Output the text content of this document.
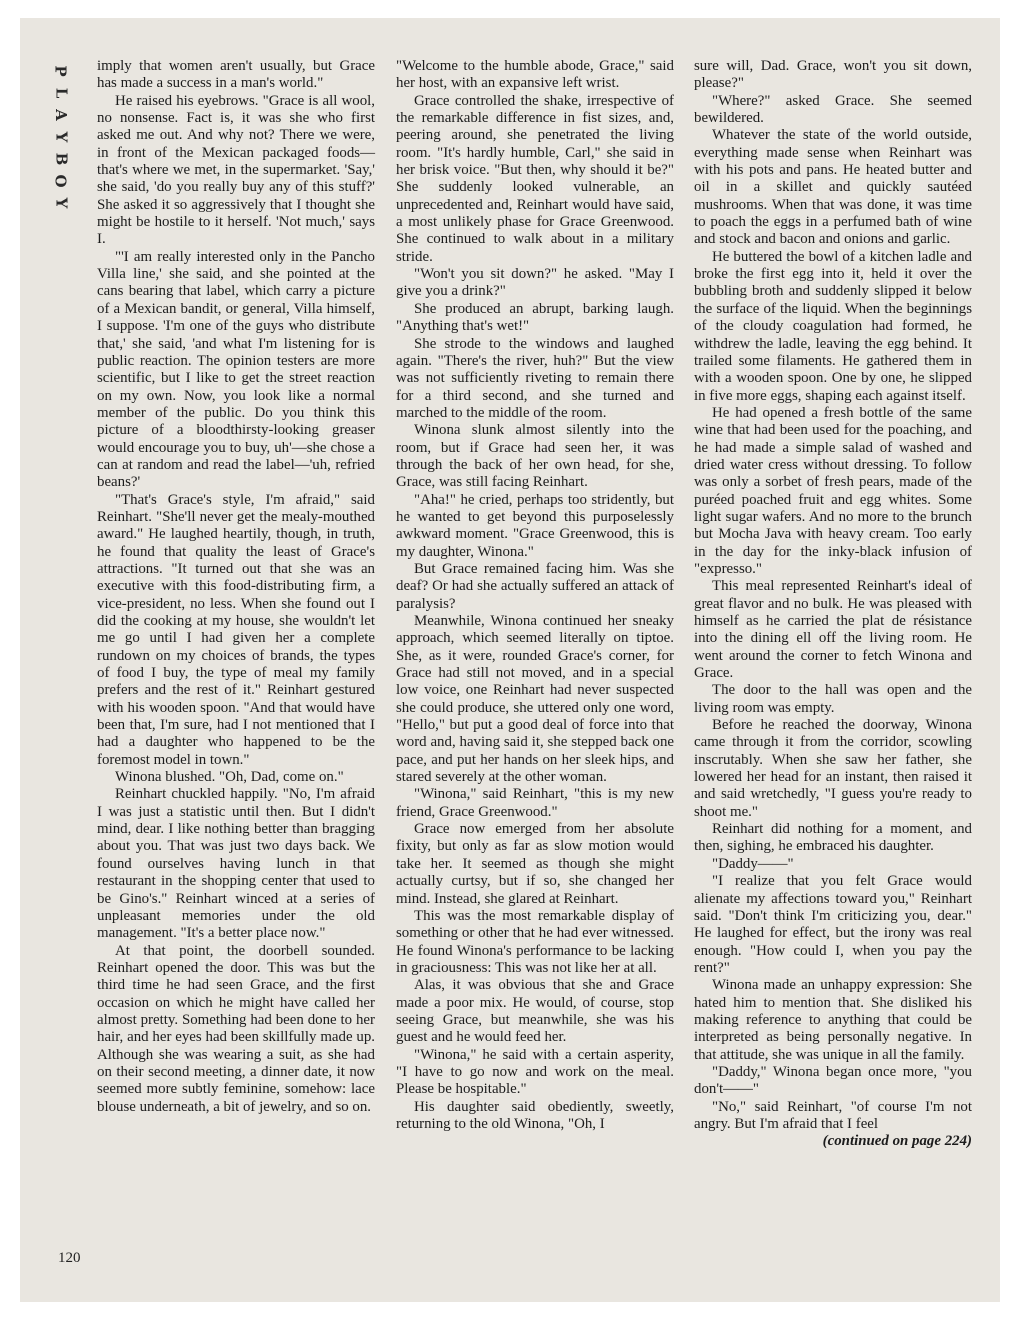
P
L
A
Y
B
O
Y
120

imply that women aren't usually, but Grace has made a success in a man's world."

He raised his eyebrows. "Grace is all wool, no nonsense. Fact is, it was she who first asked me out. And why not? There we were, in front of the Mexican packaged foods—that's where we met, in the supermarket. 'Say,' she said, 'do you really buy any of this stuff?' She asked it so aggressively that I thought she might be hostile to it herself. 'Not much,' says I.

"'I am really interested only in the Pancho Villa line,' she said, and she pointed at the cans bearing that label, which carry a picture of a Mexican bandit, or general, Villa himself, I suppose. 'I'm one of the guys who distribute that,' she said, 'and what I'm listening for is public reaction. The opinion testers are more scientific, but I like to get the street reaction on my own. Now, you look like a normal member of the public. Do you think this picture of a bloodthirsty-looking greaser would encourage you to buy, uh'—she chose a can at random and read the label—'uh, refried beans?'

"That's Grace's style, I'm afraid," said Reinhart. "She'll never get the mealy-mouthed award." He laughed heartily, though, in truth, he found that quality the least of Grace's attractions. "It turned out that she was an executive with this food-distributing firm, a vice-president, no less. When she found out I did the cooking at my house, she wouldn't let me go until I had given her a complete rundown on my choices of brands, the types of food I buy, the type of meal my family prefers and the rest of it." Reinhart gestured with his wooden spoon. "And that would have been that, I'm sure, had I not mentioned that I had a daughter who happened to be the foremost model in town."

Winona blushed. "Oh, Dad, come on."

Reinhart chuckled happily. "No, I'm afraid I was just a statistic until then. But I didn't mind, dear. I like nothing better than bragging about you. That was just two days back. We found ourselves having lunch in that restaurant in the shopping center that used to be Gino's." Reinhart winced at a series of unpleasant memories under the old management. "It's a better place now."

At that point, the doorbell sounded. Reinhart opened the door. This was but the third time he had seen Grace, and the first occasion on which he might have called her almost pretty. Something had been done to her hair, and her eyes had been skillfully made up. Although she was wearing a suit, as she had on their second meeting, a dinner date, it now seemed more subtly feminine, somehow: lace blouse underneath, a bit of jewelry, and so on.

"Welcome to the humble abode, Grace," said her host, with an expansive left wrist.

Grace controlled the shake, irrespective of the remarkable difference in fist sizes, and, peering around, she penetrated the living room. "It's hardly humble, Carl," she said in her brisk voice. "But then, why should it be?" She suddenly looked vulnerable, an unprecedented and, Reinhart would have said, a most unlikely phase for Grace Greenwood. She continued to walk about in a military stride.

"Won't you sit down?" he asked. "May I give you a drink?"

She produced an abrupt, barking laugh. "Anything that's wet!"

She strode to the windows and laughed again. "There's the river, huh?" But the view was not sufficiently riveting to remain there for a third second, and she turned and marched to the middle of the room.

Winona slunk almost silently into the room, but if Grace had seen her, it was through the back of her own head, for she, Grace, was still facing Reinhart.

"Aha!" he cried, perhaps too stridently, but he wanted to get beyond this purposelessly awkward moment. "Grace Greenwood, this is my daughter, Winona."

But Grace remained facing him. Was she deaf? Or had she actually suffered an attack of paralysis?

Meanwhile, Winona continued her sneaky approach, which seemed literally on tiptoe. She, as it were, rounded Grace's corner, for Grace had still not moved, and in a special low voice, one Reinhart had never suspected she could produce, she uttered only one word, "Hello," but put a good deal of force into that word and, having said it, she stepped back one pace, and put her hands on her sleek hips, and stared severely at the other woman.

"Winona," said Reinhart, "this is my new friend, Grace Greenwood."

Grace now emerged from her absolute fixity, but only as far as slow motion would take her. It seemed as though she might actually curtsy, but if so, she changed her mind. Instead, she glared at Reinhart.

This was the most remarkable display of something or other that he had ever witnessed. He found Winona's performance to be lacking in graciousness: This was not like her at all.

Alas, it was obvious that she and Grace made a poor mix. He would, of course, stop seeing Grace, but meanwhile, she was his guest and he would feed her.

"Winona," he said with a certain asperity, "I have to go now and work on the meal. Please be hospitable."

His daughter said obediently, sweetly, returning to the old Winona, "Oh, I

sure will, Dad. Grace, won't you sit down, please?"

"Where?" asked Grace. She seemed bewildered.

Whatever the state of the world outside, everything made sense when Reinhart was with his pots and pans. He heated butter and oil in a skillet and quickly sautéed mushrooms. When that was done, it was time to poach the eggs in a perfumed bath of wine and stock and bacon and onions and garlic.

He buttered the bowl of a kitchen ladle and broke the first egg into it, held it over the bubbling broth and suddenly slipped it below the surface of the liquid. When the beginnings of the cloudy coagulation had formed, he withdrew the ladle, leaving the egg behind. It trailed some filaments. He gathered them in with a wooden spoon. One by one, he slipped in five more eggs, shaping each against itself.

He had opened a fresh bottle of the same wine that had been used for the poaching, and he had made a simple salad of washed and dried water cress without dressing. To follow was only a sorbet of fresh pears, made of the puréed poached fruit and egg whites. Some light sugar wafers. And no more to the brunch but Mocha Java with heavy cream. Too early in the day for the inky-black infusion of "expresso."

This meal represented Reinhart's ideal of great flavor and no bulk. He was pleased with himself as he carried the plat de résistance into the dining ell off the living room. He went around the corner to fetch Winona and Grace.

The door to the hall was open and the living room was empty.

Before he reached the doorway, Winona came through it from the corridor, scowling inscrutably. When she saw her father, she lowered her head for an instant, then raised it and said wretchedly, "I guess you're ready to shoot me."

Reinhart did nothing for a moment, and then, sighing, he embraced his daughter.

"Daddy——"

"I realize that you felt Grace would alienate my affections toward you," Reinhart said. "Don't think I'm criticizing you, dear." He laughed for effect, but the irony was real enough. "How could I, when you pay the rent?"

Winona made an unhappy expression: She hated him to mention that. She disliked his making reference to anything that could be interpreted as being personally negative. In that attitude, she was unique in all the family.

"Daddy," Winona began once more, "you don't——"

"No," said Reinhart, "of course I'm not angry. But I'm afraid that I feel

(continued on page 224)
